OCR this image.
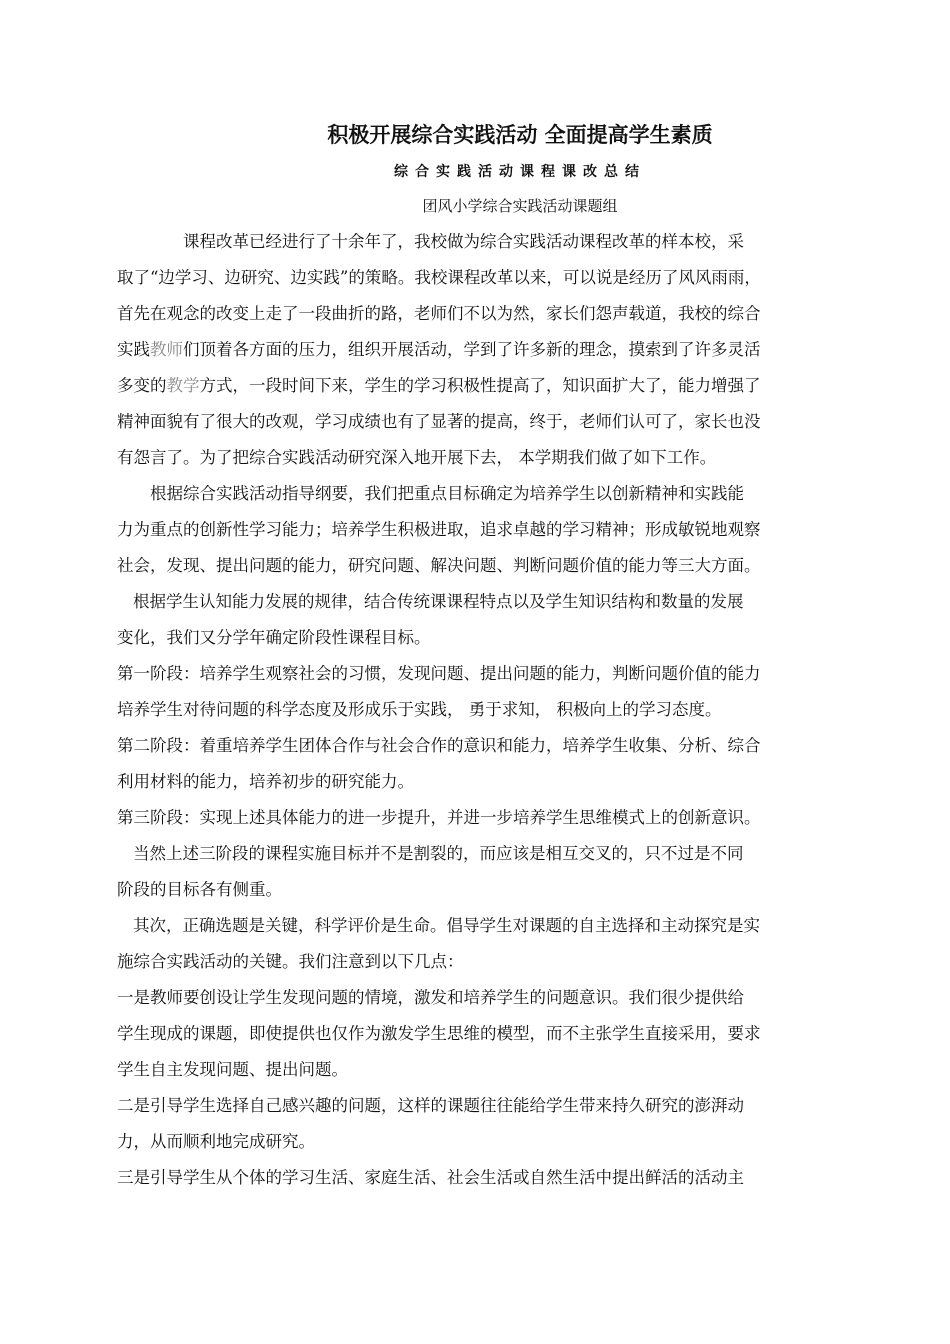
积极开展综合实践活动 全面提高学生素质
综合实践活动课程课改总结
团风小学综合实践活动课题组
课程改革已经进行了十余年了，我校做为综合实践活动课程改革的样本校，采
取了“边学习、边研究、边实践”的策略。我校课程改革以来，可以说是经历了风风雨雨，
首先在观念的改变上走了一段曲折的路，老师们不以为然，家长们怨声载道，我校的综合
实践教师们顶着各方面的压力，组织开展活动，学到了许多新的理念，摸索到了许多灵活
多变的教学方式，一段时间下来，学生的学习积极性提高了，知识面扩大了，能力增强了
精神面貌有了很大的改观，学习成绩也有了显著的提高，终于，老师们认可了，家长也没
有怨言了。为了把综合实践活动研究深入地开展下去， 本学期我们做了如下工作。
根据综合实践活动指导纲要，我们把重点目标确定为培养学生以创新精神和实践能
力为重点的创新性学习能力；培养学生积极进取，追求卓越的学习精神；形成敏锐地观察
社会，发现、提出问题的能力，研究问题、解决问题、判断问题价值的能力等三大方面。
根据学生认知能力发展的规律，结合传统课课程特点以及学生知识结构和数量的发展
变化，我们又分学年确定阶段性课程目标。
第一阶段：培养学生观察社会的习惯，发现问题、提出问题的能力，判断问题价值的能力
培养学生对待问题的科学态度及形成乐于实践， 勇于求知， 积极向上的学习态度。
第二阶段：着重培养学生团体合作与社会合作的意识和能力，培养学生收集、分析、综合
利用材料的能力，培养初步的研究能力。
第三阶段：实现上述具体能力的进一步提升，并进一步培养学生思维模式上的创新意识。
当然上述三阶段的课程实施目标并不是割裂的，而应该是相互交叉的，只不过是不同
阶段的目标各有侧重。
其次，正确选题是关键，科学评价是生命。倡导学生对课题的自主选择和主动探究是实
施综合实践活动的关键。我们注意到以下几点：
一是教师要创设让学生发现问题的情境，激发和培养学生的问题意识。我们很少提供给
学生现成的课题，即使提供也仅作为激发学生思维的模型，而不主张学生直接采用，要求
学生自主发现问题、提出问题。
二是引导学生选择自己感兴趣的问题，这样的课题往往能给学生带来持久研究的澎湃动
力，从而顺利地完成研究。
三是引导学生从个体的学习生活、家庭生活、社会生活或自然生活中提出鲜活的活动主
